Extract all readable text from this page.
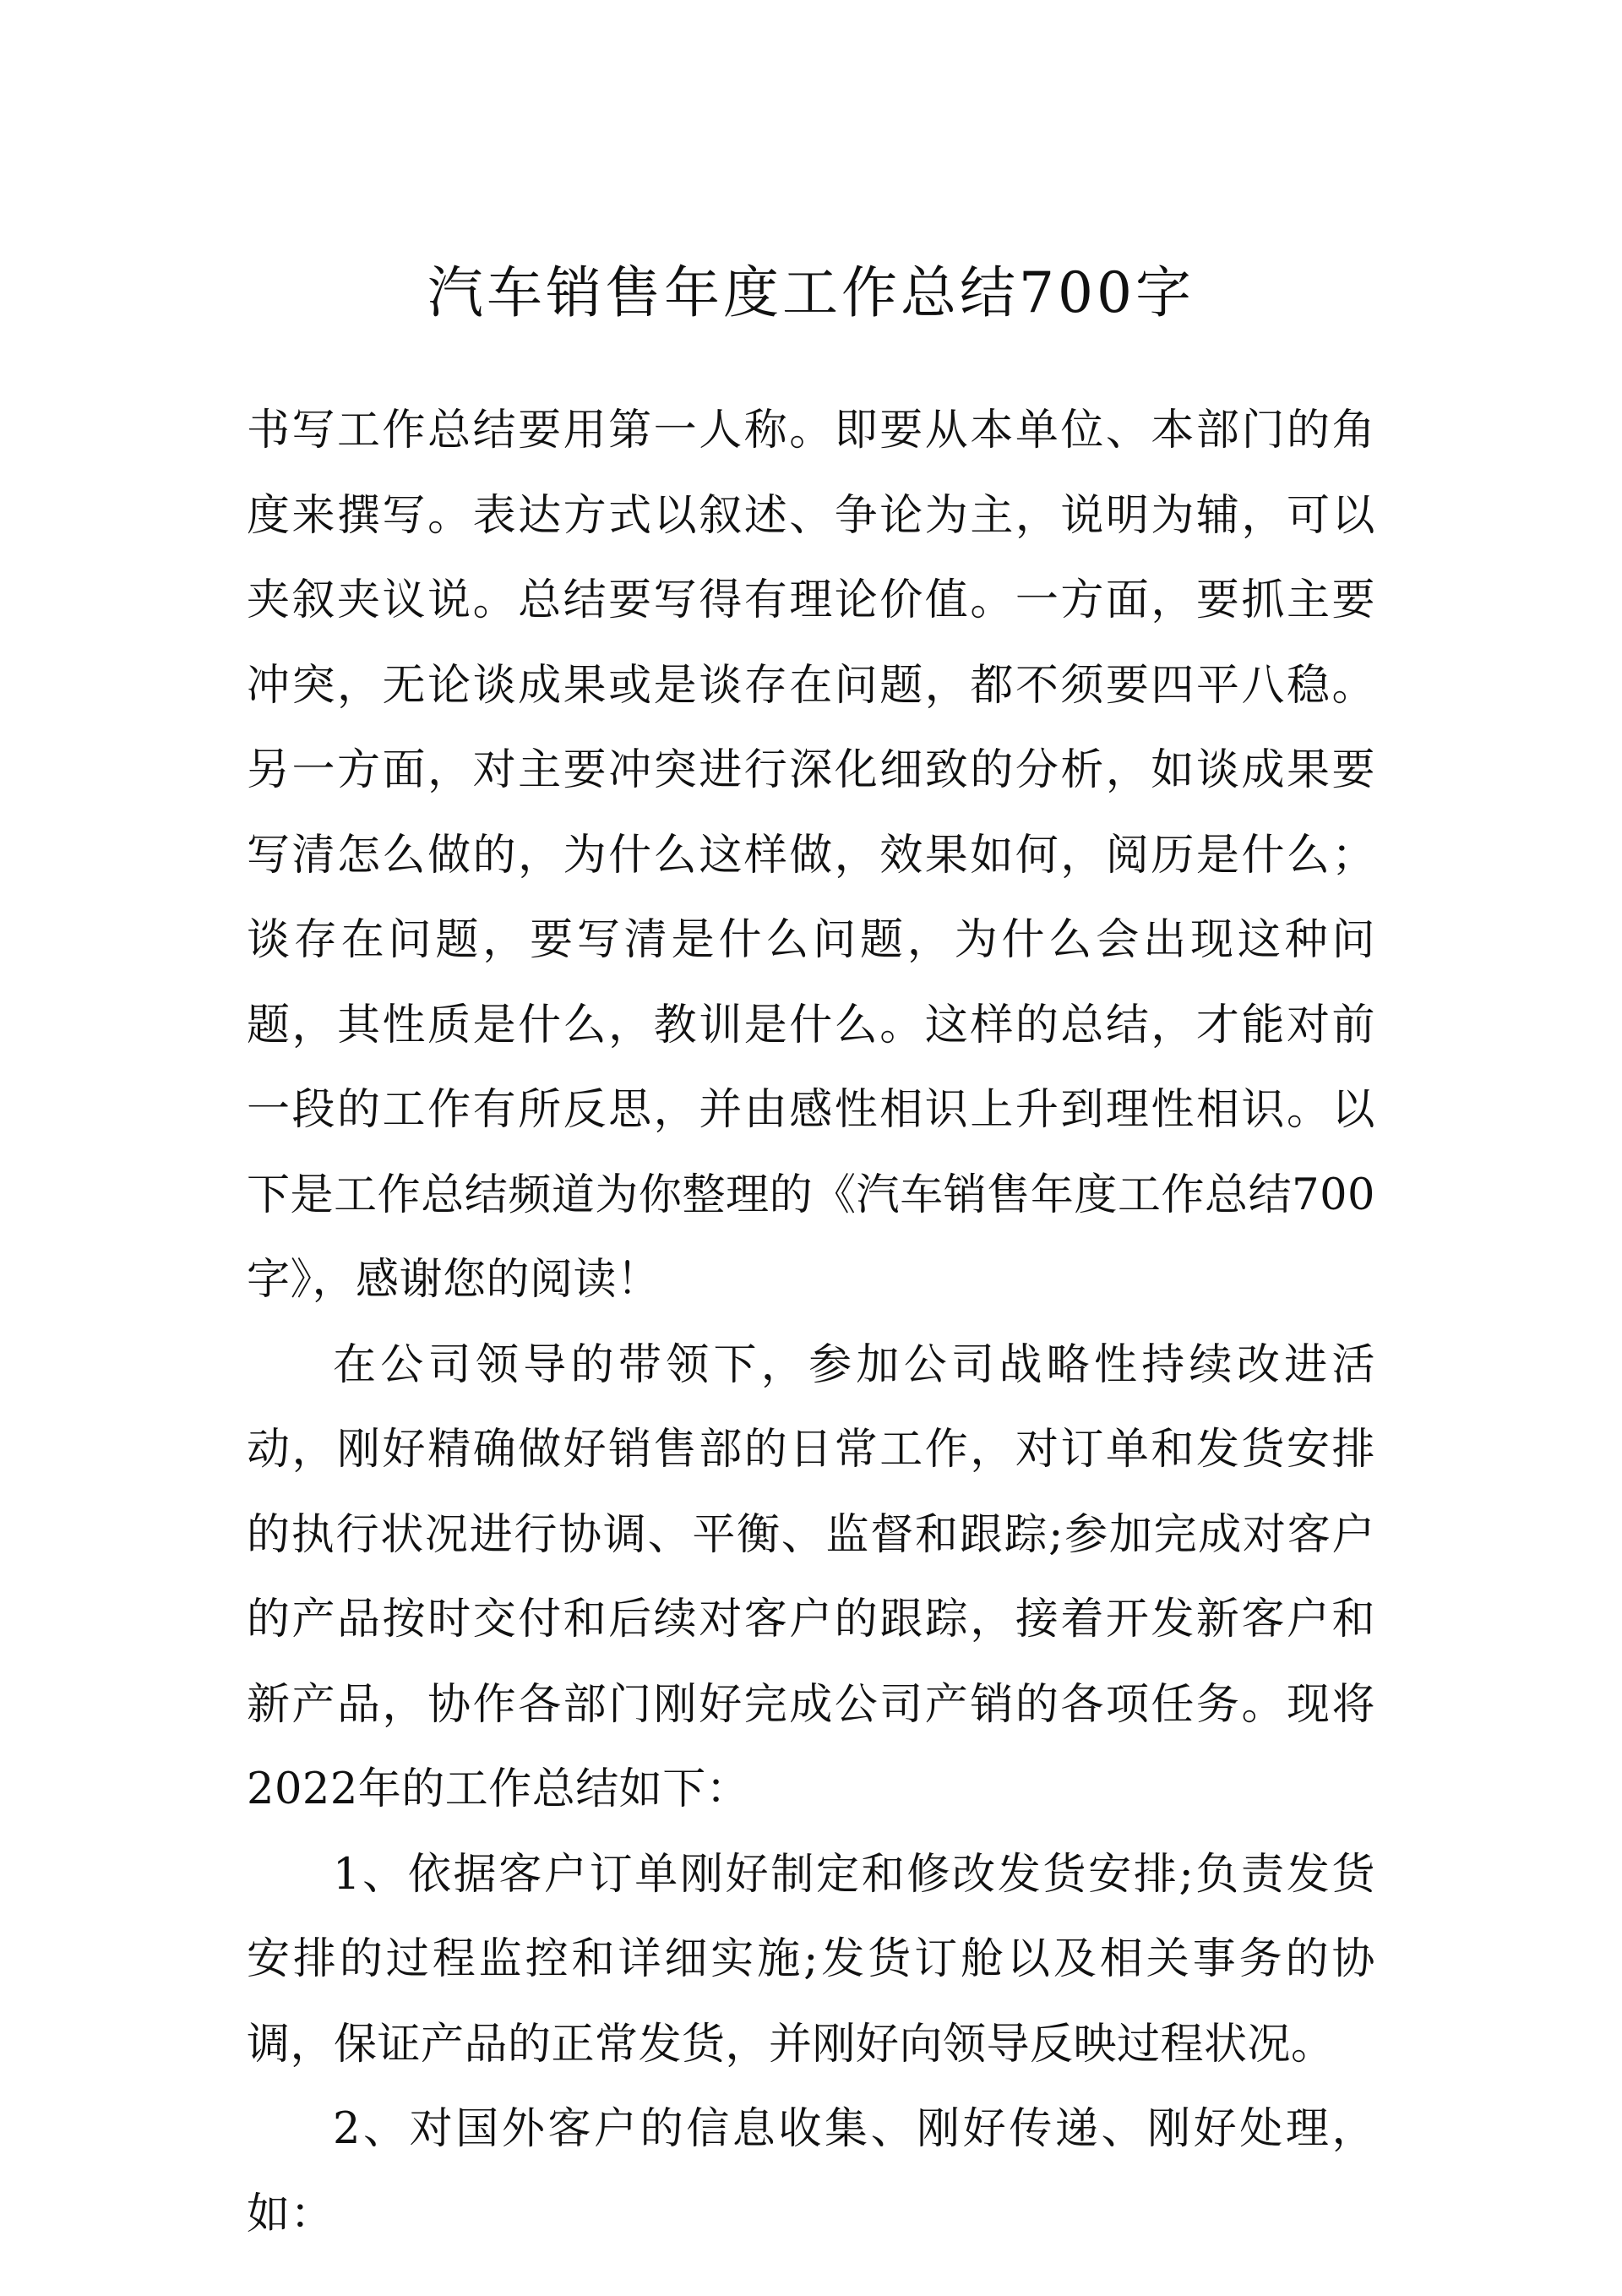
汽车销售年度工作总结700字

书写工作总结要用第一人称。即要从本单位、本部门的角度来撰写。表达方式以叙述、争论为主，说明为辅，可以夹叙夹议说。总结要写得有理论价值。一方面，要抓主要冲突，无论谈成果或是谈存在问题，都不须要四平八稳。另一方面，对主要冲突进行深化细致的分析，如谈成果要写清怎么做的，为什么这样做，效果如何，阅历是什么；谈存在问题，要写清是什么问题，为什么会出现这种问题，其性质是什么，教训是什么。这样的总结，才能对前一段的工作有所反思，并由感性相识上升到理性相识。以下是工作总结频道为你整理的《汽车销售年度工作总结700字》，感谢您的阅读！

在公司领导的带领下，参加公司战略性持续改进活动，刚好精确做好销售部的日常工作，对订单和发货安排的执行状况进行协调、平衡、监督和跟踪;参加完成对客户的产品按时交付和后续对客户的跟踪，接着开发新客户和新产品，协作各部门刚好完成公司产销的各项任务。现将2022年的工作总结如下：

1、依据客户订单刚好制定和修改发货安排;负责发货安排的过程监控和详细实施;发货订舱以及相关事务的协调，保证产品的正常发货，并刚好向领导反映过程状况。

2、对国外客户的信息收集、刚好传递、刚好处理，如：
